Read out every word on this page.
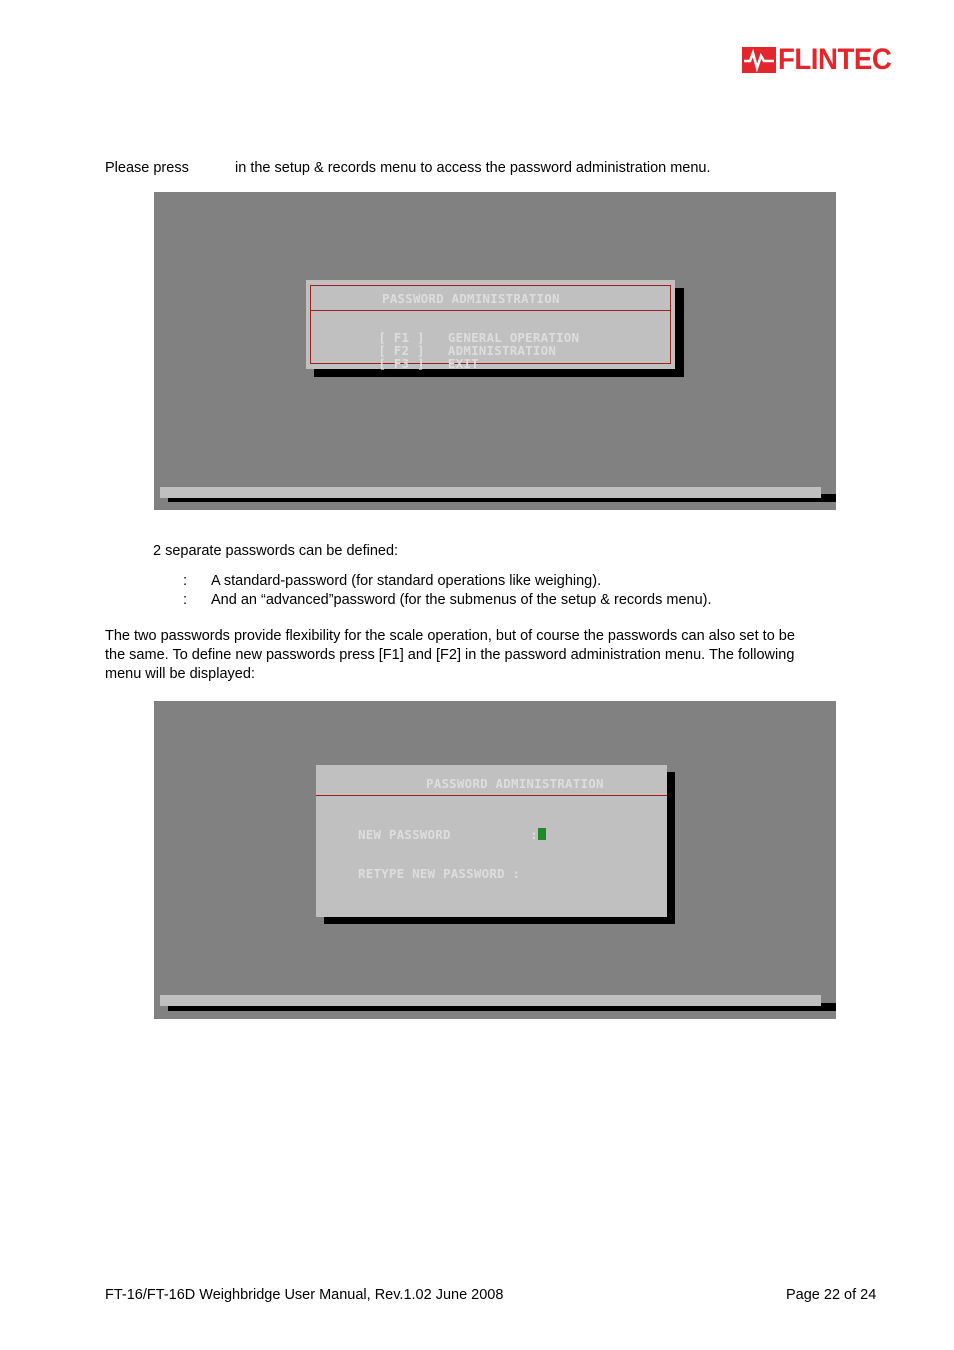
FLINTEC
Please press	in the setup & records menu to access the password administration menu.
PASSWORD ADMINISTRATION

[ F1 ] GENERAL OPERATION

[ F2 ] ADMINISTRATION

[ F3 ] EXIT

2 separate passwords can be defined:
: A standard-password (for standard operations like weighing).
: And an “advanced”password (for the submenus of the setup & records menu).
The two passwords provide flexibility for the scale operation, but of course the passwords can also set to be
the same. To define new passwords press [F1] and [F2] in the password administration menu. The following
menu will be displayed:
PASSWORD ADMINISTRATION
NEW PASSWORD	:
RETYPE NEW PASSWORD :
FT-16/FT-16D Weighbridge User Manual, Rev.1.02 June 2008	Page 22 of 24
